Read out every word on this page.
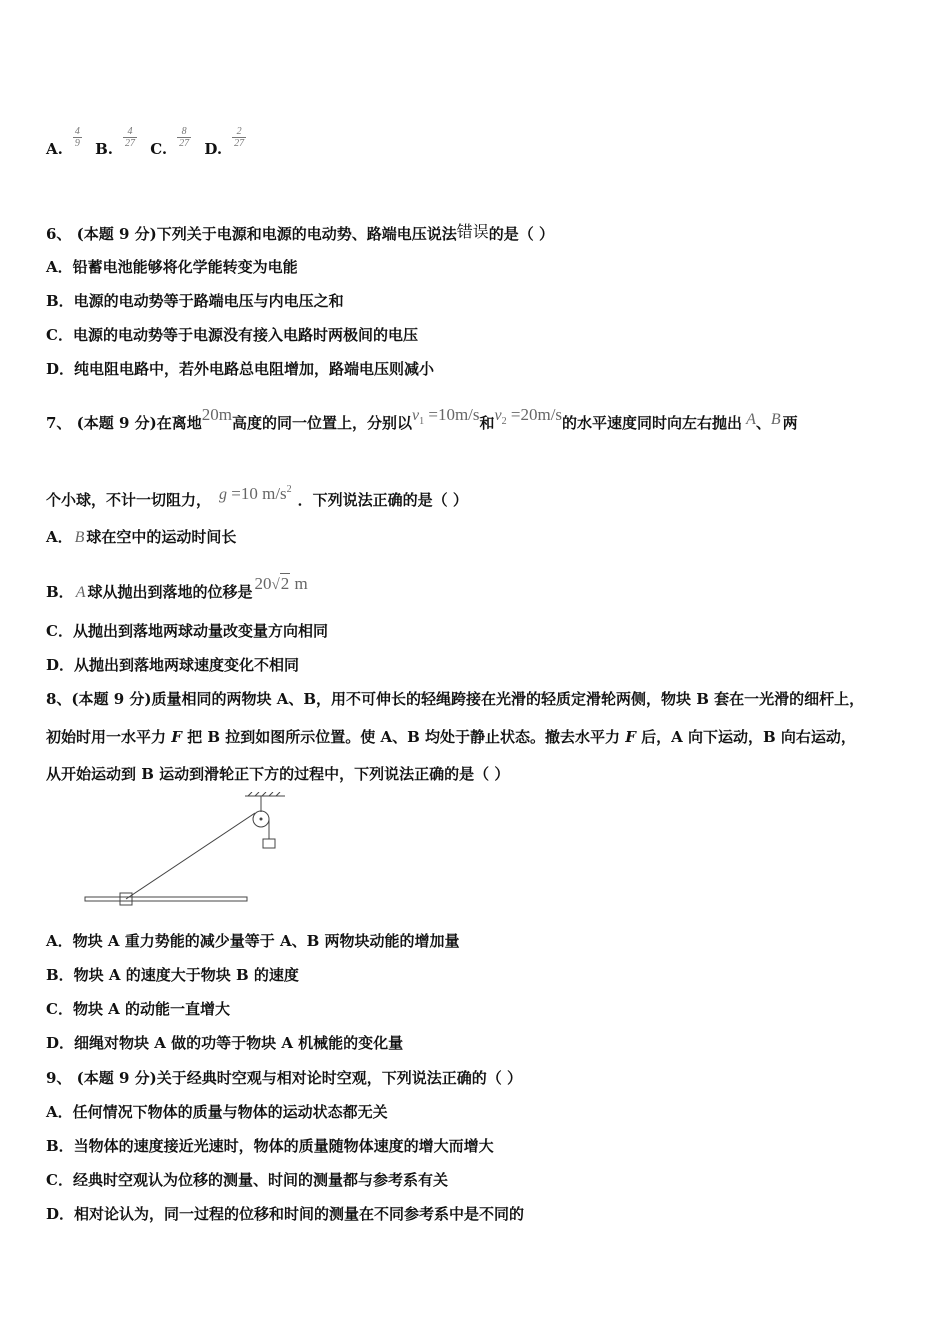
A. $\frac{4}{9} B$. $\frac{4}{27} C$. $\frac{8}{27} D$. $\frac{2}{27}$
6、 (本题 9 分)下列关于电源和电源的电动势、路端电压说法错误的是（ ）
A．铅蓄电池能够将化学能转变为电能
B．电源的电动势等于路端电压与内电压之和
C．电源的电动势等于电源没有接入电路时两极间的电压
D．纯电阻电路中，若外电路总电阻增加，路端电压则减小
7、 (本题 9 分)在离地20m高度的同一位置上，分别以$v_1 =10m/s$和$v_2 =20m/s$的水平速度同时向左右抛出 A、B 两
个小球，不计一切阻力， g =10 $m/s^2$．下列说法正确的是（ ）
A． B 球在空中的运动时间长
B． A 球从抛出到落地的位移是 20√2 m
C．从抛出到落地两球动量改变量方向相同
D．从抛出到落地两球速度变化不相同
8、(本题 9 分)质量相同的两物块 A、B，用不可伸长的轻绳跨接在光滑的轻质定滑轮两侧，物块 B 套在一光滑的细杆上，
初始时用一水平力 F 把 B 拉到如图所示位置。使 A、B 均处于静止状态。撤去水平力 F 后，A 向下运动，B 向右运动，
从开始运动到 B 运动到滑轮正下方的过程中，下列说法正确的是（ ）
A．物块 A 重力势能的减少量等于 A、B 两物块动能的增加量
B．物块 A 的速度大于物块 B 的速度
C．物块 A 的动能一直增大
D．细绳对物块 A 做的功等于物块 A 机械能的变化量
9、 (本题 9 分)关于经典时空观与相对论时空观，下列说法正确的（ ）
A．任何情况下物体的质量与物体的运动状态都无关
B．当物体的速度接近光速时，物体的质量随物体速度的增大而增大
C．经典时空观认为位移的测量、时间的测量都与参考系有关
D．相对论认为，同一过程的位移和时间的测量在不同参考系中是不同的
